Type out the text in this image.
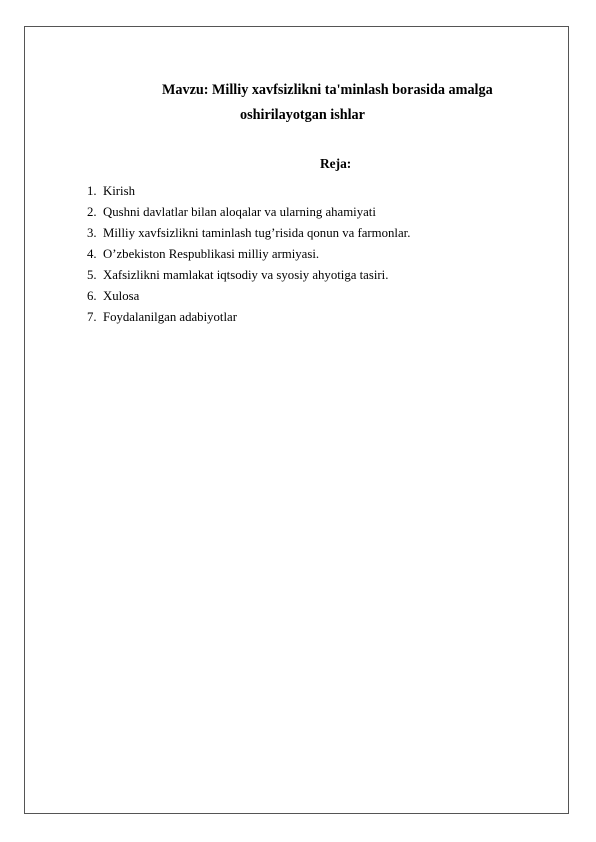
Mavzu: Milliy xavfsizlikni ta'minlash borasida amalga
oshirilayotgan ishlar
Reja:
1. Kirish
2. Qushni davlatlar bilan aloqalar va ularning ahamiyati
3. Milliy xavfsizlikni taminlash tug’risida qonun va farmonlar.
4. O’zbekiston Respublikasi milliy armiyasi.
5. Xafsizlikni mamlakat iqtsodiy va syosiy ahyotiga tasiri.
6. Xulosa
7. Foydalanilgan adabiyotlar
